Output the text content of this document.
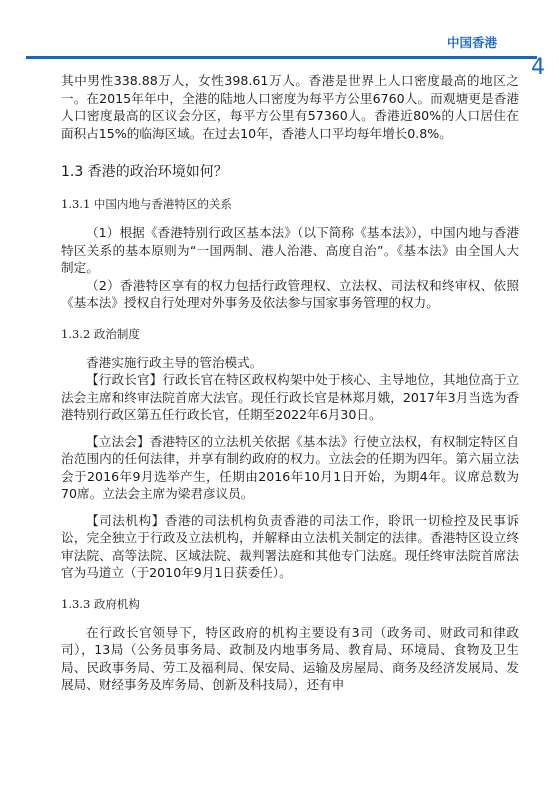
中国香港
4

其中男性338.88万人，女性398.61万人。香港是世界上人口密度最高的地区之一。在2015年年中，全港的陆地人口密度为每平方公里6760人。而观塘更是香港人口密度最高的区议会分区，每平方公里有57360人。香港近80%的人口居住在面积占15%的临海区域。在过去10年，香港人口平均每年增长0.8%。

1.3 香港的政治环境如何？
1.3.1 中国内地与香港特区的关系

（1）根据《香港特别行政区基本法》（以下简称《基本法》），中国内地与香港特区关系的基本原则为“一国两制、港人治港、高度自治”。《基本法》由全国人大制定。

（2）香港特区享有的权力包括行政管理权、立法权、司法权和终审权、依照《基本法》授权自行处理对外事务及依法参与国家事务管理的权力。

1.3.2 政治制度

香港实施行政主导的管治模式。

【行政长官】行政长官在特区政权构架中处于核心、主导地位，其地位高于立法会主席和终审法院首席大法官。现任行政长官是林郑月娥，2017年3月当选为香港特别行政区第五任行政长官，任期至2022年6月30日。

【立法会】香港特区的立法机关依据《基本法》行使立法权，有权制定特区自治范围内的任何法律，并享有制约政府的权力。立法会的任期为四年。第六届立法会于2016年9月选举产生，任期由2016年10月1日开始，为期4年。议席总数为70席。立法会主席为梁君彦议员。

【司法机构】香港的司法机构负责香港的司法工作，聆讯一切检控及民事诉讼，完全独立于行政及立法机构，并解释由立法机关制定的法律。香港特区设立终审法院、高等法院、区域法院、裁判署法庭和其他专门法庭。现任终审法院首席法官为马道立（于2010年9月1日获委任）。

1.3.3 政府机构

在行政长官领导下，特区政府的机构主要设有3司（政务司、财政司和律政司），13局（公务员事务局、政制及内地事务局、教育局、环境局、食物及卫生局、民政事务局、劳工及福利局、保安局、运输及房屋局、商务及经济发展局、发展局、财经事务及库务局、创新及科技局），还有申
